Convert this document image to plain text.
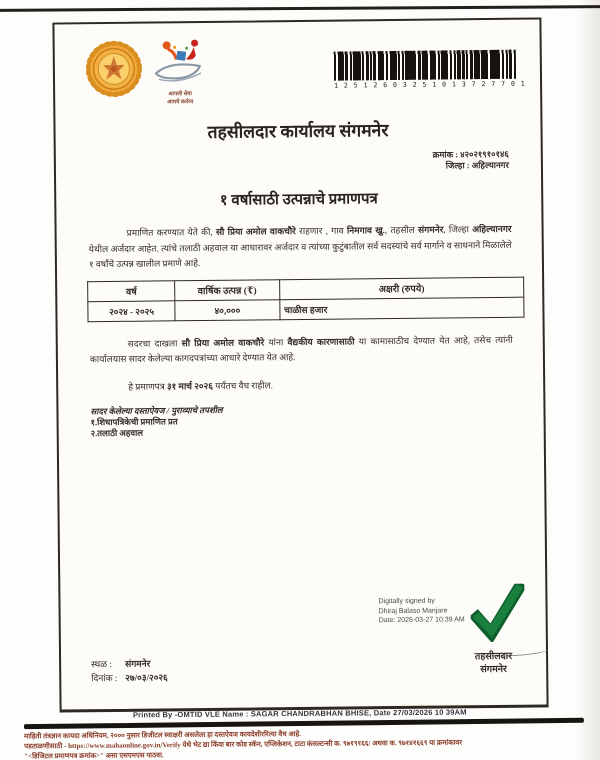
आपली सेवा
आमचे कर्तव्य
1 2 5 1 2 6 0 3 2 5 1 0 1 3 7 2 7 7 0 1
तहसीलदार कार्यालय संगमनेर
क्रमांक : ४२०२१९१०१४६
जिल्हा : अहिल्यानगर
१ वर्षासाठी उत्पन्नाचे प्रमाणपत्र

प्रमाणित करण्यात येते की, सौ प्रिया अमोल वाकचौरे राहणार , गाव निमगाव खु., तहसील संगमनेर, जिल्हा अहिल्यानगर येथील अर्जदार आहेत. त्यांचे तलाठी अहवाल या आधारावर अर्जदार व त्यांच्या कुटुंबातील सर्व सदस्यांचे सर्व मार्गाने व साधनाने मिळालेले १ वर्षांचे उत्पन्न खालील प्रमाणे आहे.

वर्ष	वार्षिक उत्पन्न (₹)	अक्षरी (रुपये)
२०२४ - २०२५	४०,०००	चाळीस हजार

सदरचा दाखला सौ प्रिया अमोल वाकचौरे यांना वैद्यकीय कारणासाठी या कामासाठीच देण्यात येत आहे, तसेच त्यांनी कार्यालयास सादर केलेल्या कागदपत्रांच्या आधारे देण्यात येत आहे.

हे प्रमाणपत्र ३१ मार्च २०२६ पर्यंतच वैध राहील.

सादर केलेल्या दस्ताऐवज / पुराव्याचे तपशील
१.शिधापत्रिकेची प्रमाणित प्रत
२.तलाठी अहवाल
Digitally signed by
Dhiraj Balaso Manjare
Date: 2026-03-27 10:39 AM
स्थळ :संगमनेर
दिनांक :२७/०३/२०२६
तहसीलदार
संगमनेर
Printed By -OMTID VLE Name : SAGAR CHANDRABHAN BHISE, Date 27/03/2026 10 39AM

माहिती तंत्रज्ञान कायदा अधिनियम, २००० नुसार डिजीटल स्वाक्षरी असलेला हा दस्तऐवज कायदेशीररित्या वैध आहे.

पडताळणीसाठी - https://www.mahaonline.gov.in/Verify येथे भेट द्या किंवा बार कोड स्कॅन, एप्लिकेशन, टाटा कंसल्टन्सी क. ९७१९१६६/ अथवा क. ९७१४१६६९ या क्रमांकावर

"<डिजिटल प्रमाणपत्र क्रमांक>" असा एसएमएस पाठवा.
